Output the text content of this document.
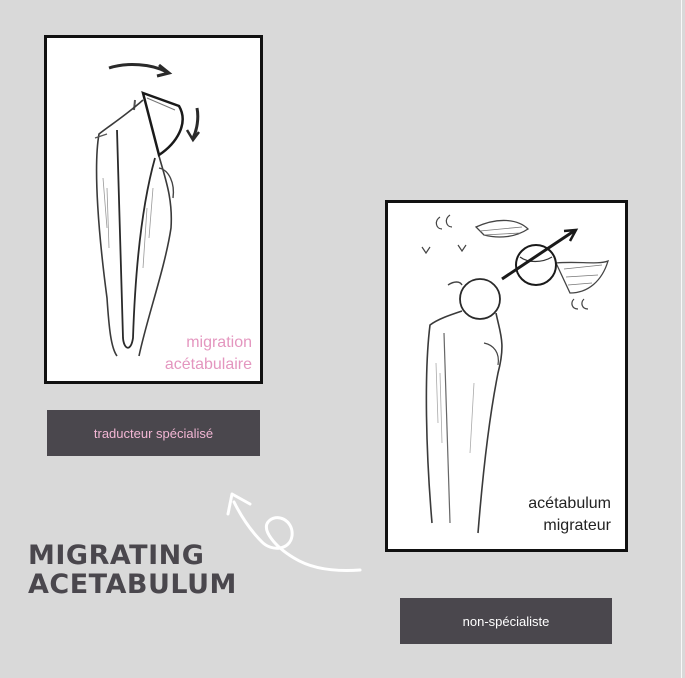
migration
acétabulaire
acétabulum
migrateur
traducteur spécialisé
non-spécialiste
MIGRATING
ACETABULUM
